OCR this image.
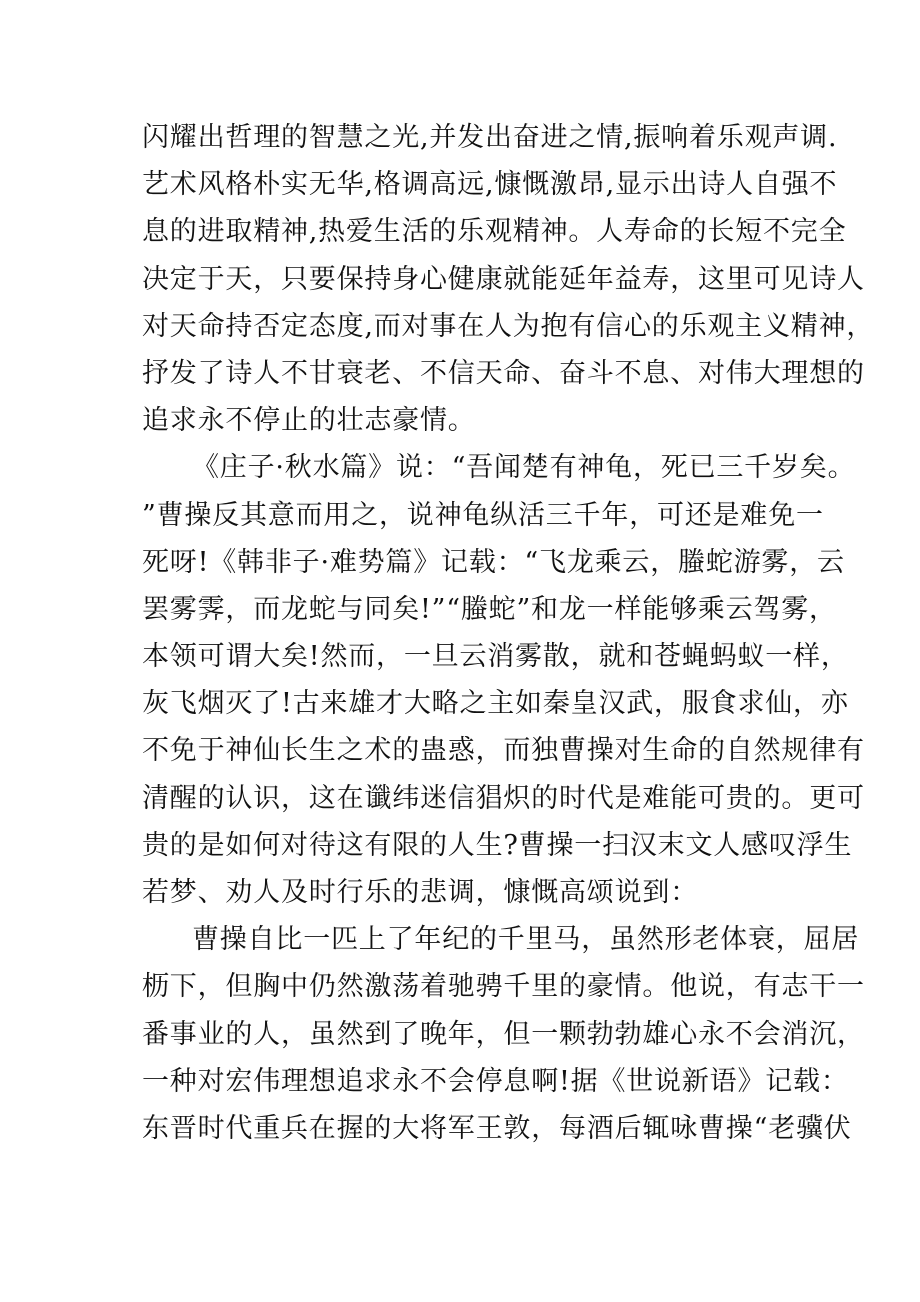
闪耀出哲理的智慧之光,并发出奋进之情,振响着乐观声调.
艺术风格朴实无华,格调高远,慷慨激昂,显示出诗人自强不
息的进取精神,热爱生活的乐观精神。人寿命的长短不完全
决定于天，只要保持身心健康就能延年益寿，这里可见诗人
对天命持否定态度,而对事在人为抱有信心的乐观主义精神，
抒发了诗人不甘衰老、不信天命、奋斗不息、对伟大理想的
追求永不停止的壮志豪情。
《庄子·秋水篇》说：“吾闻楚有神龟，死已三千岁矣。
”曹操反其意而用之，说神龟纵活三千年，可还是难免一
死呀!《韩非子·难势篇》记载：“飞龙乘云，螣蛇游雾，云
罢雾霁，而龙蛇与同矣!”“螣蛇”和龙一样能够乘云驾雾，
本领可谓大矣!然而，一旦云消雾散，就和苍蝇蚂蚁一样，
灰飞烟灭了!古来雄才大略之主如秦皇汉武，服食求仙，亦
不免于神仙长生之术的蛊惑，而独曹操对生命的自然规律有
清醒的认识，这在谶纬迷信猖炽的时代是难能可贵的。更可
贵的是如何对待这有限的人生?曹操一扫汉末文人感叹浮生
若梦、劝人及时行乐的悲调，慷慨高颂说到：
曹操自比一匹上了年纪的千里马，虽然形老体衰，屈居
枥下，但胸中仍然激荡着驰骋千里的豪情。他说，有志干一
番事业的人，虽然到了晚年，但一颗勃勃雄心永不会消沉，
一种对宏伟理想追求永不会停息啊!据《世说新语》记载：
东晋时代重兵在握的大将军王敦，每酒后辄咏曹操“老骥伏
